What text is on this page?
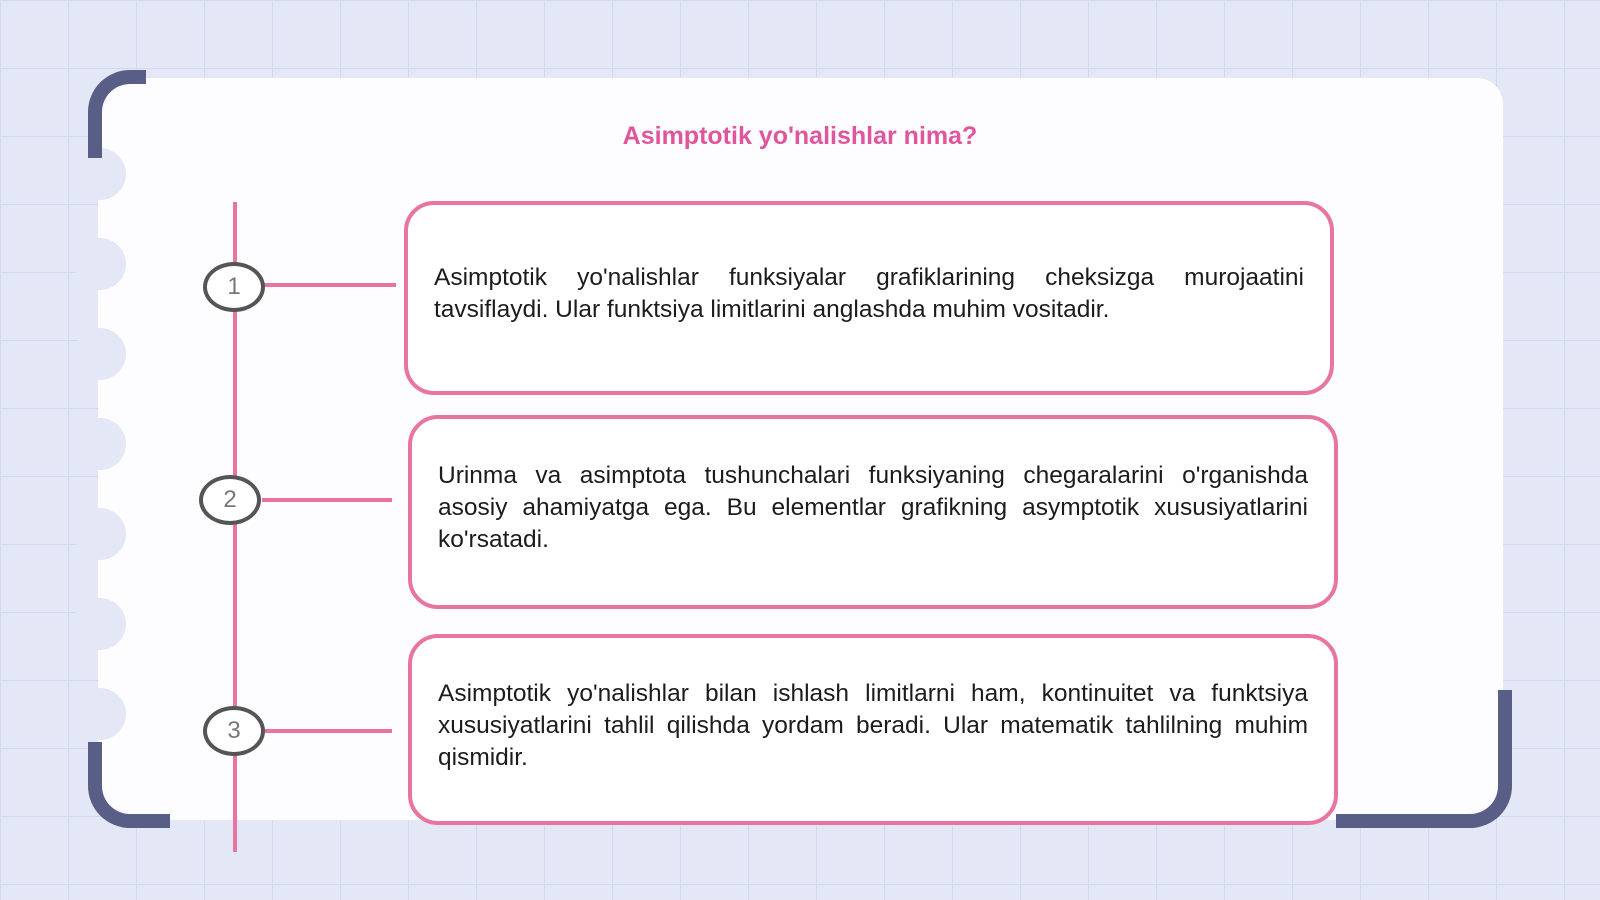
Asimptotik yo'nalishlar nima?
1	Asimptotik yo'nalishlar funksiyalar grafiklarining cheksizga murojaatini tavsiflaydi. Ular funktsiya limitlarini anglashda muhim vositadir.
2
Urinma va asimptota tushunchalari funksiyaning chegaralarini o'rganishda asosiy ahamiyatga ega. Bu elementlar grafikning asymptotik xususiyatlarini ko'rsatadi.
3
Asimptotik yo'nalishlar bilan ishlash limitlarni ham, kontinuitet va funktsiya xususiyatlarini tahlil qilishda yordam beradi. Ular matematik tahlilning muhim qismidir.
